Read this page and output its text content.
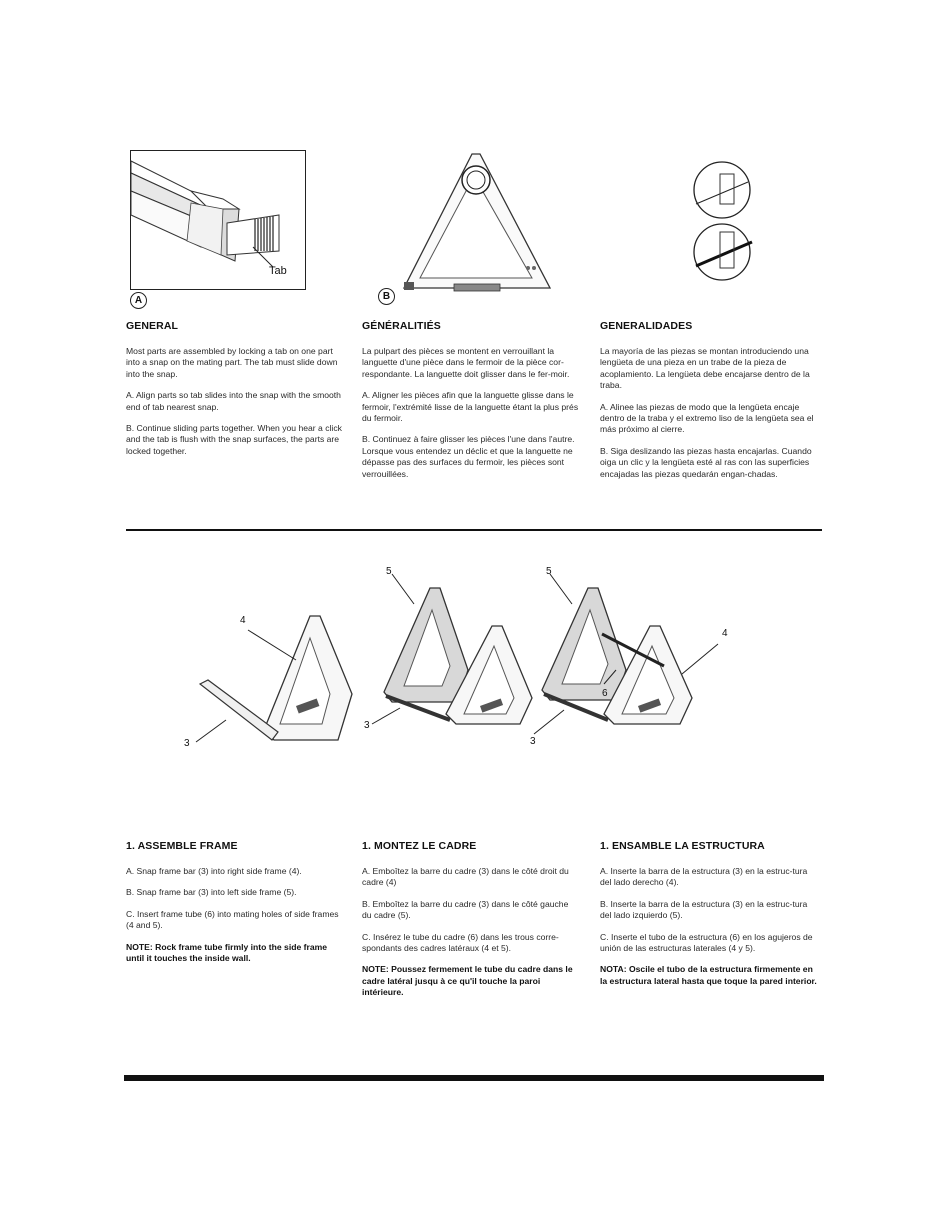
Tab
A	B

GENERAL

Most parts are assembled by locking a tab on one part into a snap on the mating part. The tab must slide down into the snap.

A. Align parts so tab slides into the snap with the smooth end of tab nearest snap.

B. Continue sliding parts together. When you hear a click and the tab is flush with the snap surfaces, the parts are locked together.

GÉNÉRALITIÉS

La pulpart des pièces se montent en verrouillant la languette d'une pièce dans le fermoir de la pièce cor-respondante. La languette doit glisser dans le fer-moir.

A. Aligner les pièces afin que la languette glisse dans le fermoir, l'extrémité lisse de la languette étant la plus prés du fermoir.

B. Continuez à faire glisser les pièces l'une dans l'autre. Lorsque vous entendez un déclic et que la languette ne dépasse pas des surfaces du fermoir, les pièces sont verrouillées.

GENERALIDADES

La mayoría de las piezas se montan introduciendo una lengüeta de una pieza en un trabe de la pieza de acoplamiento. La lengüeta debe encajarse dentro de la traba.

A. Alinee las piezas de modo que la lengüeta encaje dentro de la traba y el extremo liso de la lengüeta sea el más próximo al cierre.

B. Siga deslizando las piezas hasta encajarlas. Cuando oiga un clic y la lengüeta esté al ras con las superficies encajadas las piezas quedarán engan-chadas.

4
3
5
3
5
4
6
3

1. ASSEMBLE FRAME

A. Snap frame bar (3) into right side frame (4).

B. Snap frame bar (3) into left side frame (5).

C. Insert frame tube (6) into mating holes of side frames (4 and 5).

NOTE: Rock frame tube firmly into the side frame until it touches the inside wall.

1. MONTEZ LE CADRE

A. Emboîtez la barre du cadre (3) dans le côté droit du cadre (4)

B. Emboîtez la barre du cadre (3) dans le côté gauche du cadre (5).

C. Insérez le tube du cadre (6) dans les trous corre-spondants des cadres latéraux (4 et 5).

NOTE: Poussez fermement le tube du cadre dans le cadre latéral jusqu à ce qu'il touche la paroi intérieure.

1. ENSAMBLE LA ESTRUCTURA

A. Inserte la barra de la estructura (3) en la estruc-tura del lado derecho (4).

B. Inserte la barra de la estructura (3) en la estruc-tura del lado izquierdo (5).

C. Inserte el tubo de la estructura (6) en los agujeros de unión de las estructuras laterales (4 y 5).

NOTA: Oscile el tubo de la estructura firmemente en la estructura lateral hasta que toque la pared interior.
